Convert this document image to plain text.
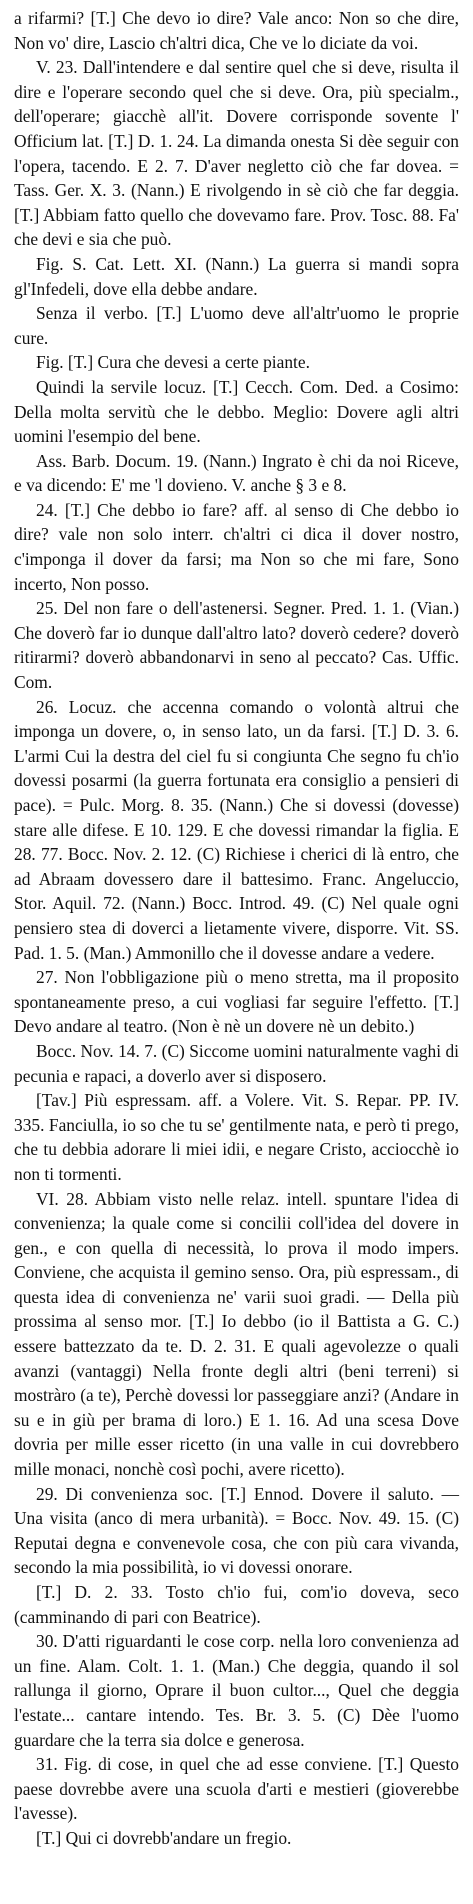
a rifarmi? [T.] Che devo io dire? Vale anco: Non so che dire, Non vo' dire, Lascio ch'altri dica, Che ve lo diciate da voi.

V. 23. Dall'intendere e dal sentire quel che si deve, risulta il dire e l'operare secondo quel che si deve. Ora, più specialm., dell'operare; giacchè all'it. Dovere corrisponde sovente l' Officium lat. [T.] D. 1. 24. La dimanda onesta Si dèe seguir con l'opera, tacendo. E 2. 7. D'aver negletto ciò che far dovea. = Tass. Ger. X. 3. (Nann.) E rivolgendo in sè ciò che far deggia. [T.] Abbiam fatto quello che dovevamo fare. Prov. Tosc. 88. Fa' che devi e sia che può.

Fig. S. Cat. Lett. XI. (Nann.) La guerra si mandi sopra gl'Infedeli, dove ella debbe andare.

Senza il verbo. [T.] L'uomo deve all'altr'uomo le proprie cure.

Fig. [T.] Cura che devesi a certe piante.

Quindi la servile locuz. [T.] Cecch. Com. Ded. a Cosimo: Della molta servitù che le debbo. Meglio: Dovere agli altri uomini l'esempio del bene.

Ass. Barb. Docum. 19. (Nann.) Ingrato è chi da noi Riceve, e va dicendo: E' me 'l dovieno. V. anche § 3 e 8.

24. [T.] Che debbo io fare? aff. al senso di Che debbo io dire? vale non solo interr. ch'altri ci dica il dover nostro, c'imponga il dover da farsi; ma Non so che mi fare, Sono incerto, Non posso.

25. Del non fare o dell'astenersi. Segner. Pred. 1. 1. (Vian.) Che doverò far io dunque dall'altro lato? doverò cedere? doverò ritirarmi? doverò abbandonarvi in seno al peccato? Cas. Uffic. Com.

26. Locuz. che accenna comando o volontà altrui che imponga un dovere, o, in senso lato, un da farsi. [T.] D. 3. 6. L'armi Cui la destra del ciel fu si congiunta Che segno fu ch'io dovessi posarmi (la guerra fortunata era consiglio a pensieri di pace). = Pulc. Morg. 8. 35. (Nann.) Che si dovessi (dovesse) stare alle difese. E 10. 129. E che dovessi rimandar la figlia. E 28. 77. Bocc. Nov. 2. 12. (C) Richiese i cherici di là entro, che ad Abraam dovessero dare il battesimo. Franc. Angeluccio, Stor. Aquil. 72. (Nann.) Bocc. Introd. 49. (C) Nel quale ogni pensiero stea di doverci a lietamente vivere, disporre. Vit. SS. Pad. 1. 5. (Man.) Ammonillo che il dovesse andare a vedere.

27. Non l'obbligazione più o meno stretta, ma il proposito spontaneamente preso, a cui vogliasi far seguire l'effetto. [T.] Devo andare al teatro. (Non è nè un dovere nè un debito.)

Bocc. Nov. 14. 7. (C) Siccome uomini naturalmente vaghi di pecunia e rapaci, a doverlo aver si disposero.

[Tav.] Più espressam. aff. a Volere. Vit. S. Repar. PP. IV. 335. Fanciulla, io so che tu se' gentilmente nata, e però ti prego, che tu debbia adorare li miei idii, e negare Cristo, acciocchè io non ti tormenti.

VI. 28. Abbiam visto nelle relaz. intell. spuntare l'idea di convenienza; la quale come si concilii coll'idea del dovere in gen., e con quella di necessità, lo prova il modo impers. Conviene, che acquista il gemino senso. Ora, più espressam., di questa idea di convenienza ne' varii suoi gradi. — Della più prossima al senso mor. [T.] Io debbo (io il Battista a G. C.) essere battezzato da te. D. 2. 31. E quali agevolezze o quali avanzi (vantaggi) Nella fronte degli altri (beni terreni) si mostràro (a te), Perchè dovessi lor passeggiare anzi? (Andare in su e in giù per brama di loro.) E 1. 16. Ad una scesa Dove dovria per mille esser ricetto (in una valle in cui dovrebbero mille monaci, nonchè così pochi, avere ricetto).

29. Di convenienza soc. [T.] Ennod. Dovere il saluto. — Una visita (anco di mera urbanità). = Bocc. Nov. 49. 15. (C) Reputai degna e convenevole cosa, che con più cara vivanda, secondo la mia possibilità, io vi dovessi onorare.

[T.] D. 2. 33. Tosto ch'io fui, com'io doveva, seco (camminando di pari con Beatrice).

30. D'atti riguardanti le cose corp. nella loro convenienza ad un fine. Alam. Colt. 1. 1. (Man.) Che deggia, quando il sol rallunga il giorno, Oprare il buon cultor..., Quel che deggia l'estate... cantare intendo. Tes. Br. 3. 5. (C) Dèe l'uomo guardare che la terra sia dolce e generosa.

31. Fig. di cose, in quel che ad esse conviene. [T.] Questo paese dovrebbe avere una scuola d'arti e mestieri (gioverebbe l'avesse).

[T.] Qui ci dovrebb'andare un fregio.
